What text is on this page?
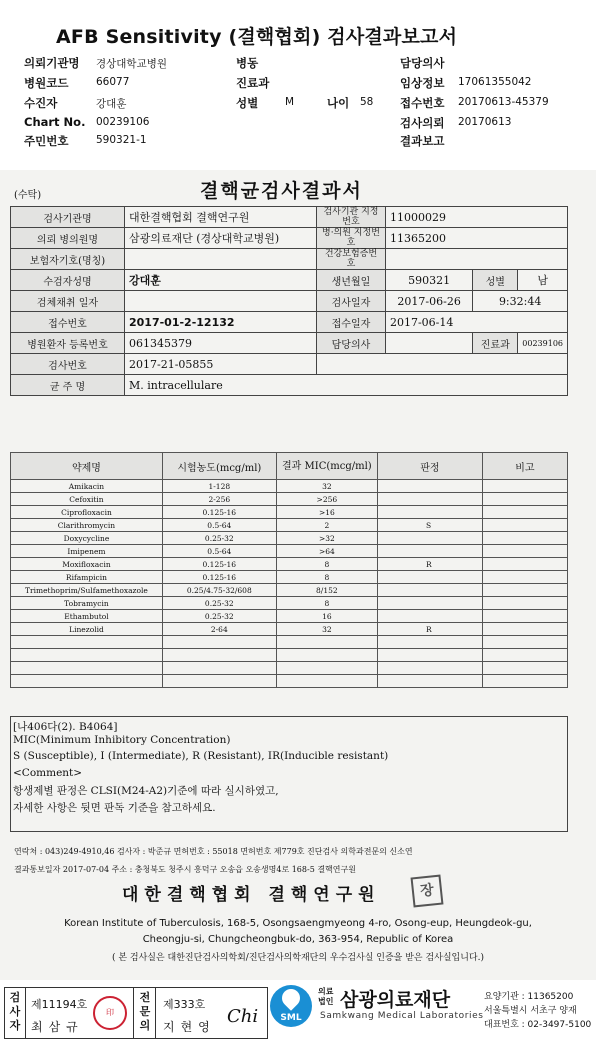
AFB Sensitivity (결핵협회) 검사결과보고서
의뢰기관명 경상대학교병원	병동	담당의사
병원코드	66077	진료과	임상정보 17061355042
수진자	강대훈	성별	M	나이 58 접수번호 20170613-45379
Chart No. 00239106	검사의뢰 20170613
주민번호	590321-1	결과보고
(수탁)	결핵균검사결과서
검사기관명	대한결핵협회 결핵연구원	검사기관 지정번호	11000029		
의뢰 병의원명	삼광의료재단 (경상대학교병원)	병·의원 지정번호	11365200		
보험자기호(명칭)		건강보험증번호			
수검자성명	강대훈	생년월일	590321	성별	남
검체채취 일자		검사일자	2017-06-26	9:32:44	
접수번호	2017-01-2-12132	접수일자	2017-06-14		
병원환자 등록번호	061345379	담당의사		진료과	00239106
검사번호	2017-21-05855				
균 주 명	M. intracellulare				
약제명	시험농도(mcg/ml)	결과 MIC(mcg/ml)	판정	비고
Amikacin	1-128	32		
Cefoxitin	2-256	>256		
Ciprofloxacin	0.125-16	>16		
Clarithromycin	0.5-64	2	S	
Doxycycline	0.25-32	>32		
Imipenem	0.5-64	>64		
Moxifloxacin	0.125-16	8	R	
Rifampicin	0.125-16	8		
Trimethoprim/Sulfamethoxazole	0.25/4.75-32/608	8/152		
Tobramycin	0.25-32	8		
Ethambutol	0.25-32	16		
Linezolid	2-64	32	R	

[나406다(2). B4064]
MIC(Minimum Inhibitory Concentration)
S (Susceptible), I (Intermediate), R (Resistant), IR(Inducible resistant)
<Comment>
항생제별 판정은 CLSI(M24-A2)기준에 따라 실시하였고,
자세한 사항은 뒷면 판독 기준을 참고하세요.
연락처 : 043)249-4910,46 검사자 : 박준규 면허번호 : 55018 면허번호 제779호 진단검사 의학과전문의 신소연
결과통보일자 2017-07-04 주소 : 충청북도 청주시 흥덕구 오송읍 오송생명4로 168-5 결핵연구원
대한결핵협회 결핵연구원	장
Korean Institute of Tuberculosis, 168-5, Osongsaengmyeong 4-ro, Osong-eup, Heungdeok-gu,
Cheongju-si, Chungcheongbuk-do, 363-954, Republic of Korea
( 본 검사실은 대한진단검사의학회/진단검사의학재단의 우수검사실 인증을 받은 검사실입니다.)
검사자
제11194호
최삼규
印
전문의
제333호
지현영 Chi	SML
의료법인 삼광의료재단
Samkwang Medical Laboratories
요양기관 : 11365200
서울특별시 서초구 양재
대표번호 : 02-3497-5100
